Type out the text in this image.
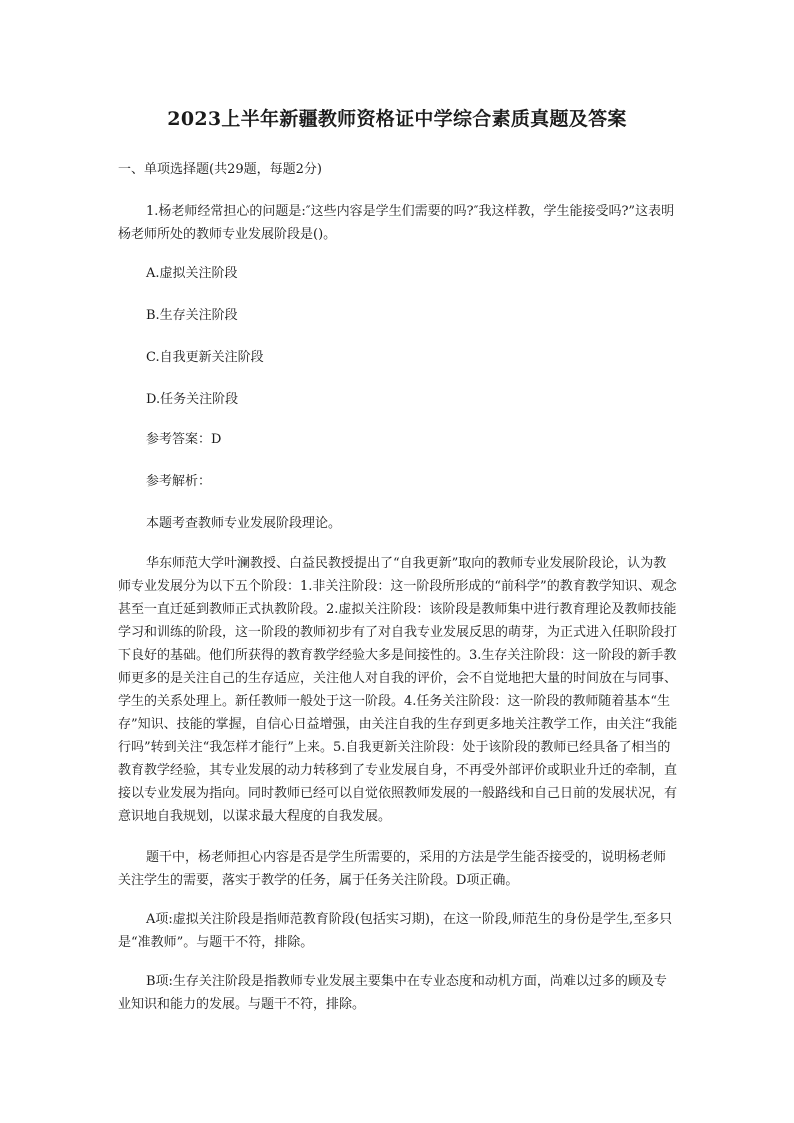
2023上半年新疆教师资格证中学综合素质真题及答案

一、单项选择题(共29题，每题2分)

1.杨老师经常担心的问题是:″这些内容是学生们需要的吗?″我这样教，学生能接受吗?”这表明杨老师所处的教师专业发展阶段是()。

A.虚拟关注阶段

B.生存关注阶段

C.自我更新关注阶段

D.任务关注阶段

参考答案：D

参考解析：

本题考查教师专业发展阶段理论。

华东师范大学叶澜教授、白益民教授提出了“自我更新”取向的教师专业发展阶段论，认为教师专业发展分为以下五个阶段：1.非关注阶段：这一阶段所形成的“前科学”的教育教学知识、观念甚至一直迁延到教师正式执教阶段。2.虚拟关注阶段：该阶段是教师集中进行教育理论及教师技能学习和训练的阶段，这一阶段的教师初步有了对自我专业发展反思的萌芽，为正式进入任职阶段打下良好的基础。他们所获得的教育教学经验大多是间接性的。3.生存关注阶段：这一阶段的新手教师更多的是关注自己的生存适应，关注他人对自我的评价，会不自觉地把大量的时间放在与同事、学生的关系处理上。新任教师一般处于这一阶段。4.任务关注阶段：这一阶段的教师随着基本“生存”知识、技能的掌握，自信心日益增强，由关注自我的生存到更多地关注教学工作，由关注“我能行吗”转到关注“我怎样才能行”上来。5.自我更新关注阶段：处于该阶段的教师已经具备了相当的教育教学经验，其专业发展的动力转移到了专业发展自身，不再受外部评价或职业升迁的牵制，直接以专业发展为指向。同时教师已经可以自觉依照教师发展的一般路线和自己日前的发展状况，有意识地自我规划，以谋求最大程度的自我发展。

题干中，杨老师担心内容是否是学生所需要的，采用的方法是学生能否接受的，说明杨老师关注学生的需要，落实于教学的任务，属于任务关注阶段。D项正确。

A项:虚拟关注阶段是指师范教育阶段(包括实习期)，在这一阶段,师范生的身份是学生,至多只是“准教师”。与题干不符，排除。

B项:生存关注阶段是指教师专业发展主要集中在专业态度和动机方面，尚难以过多的顾及专业知识和能力的发展。与题干不符，排除。
